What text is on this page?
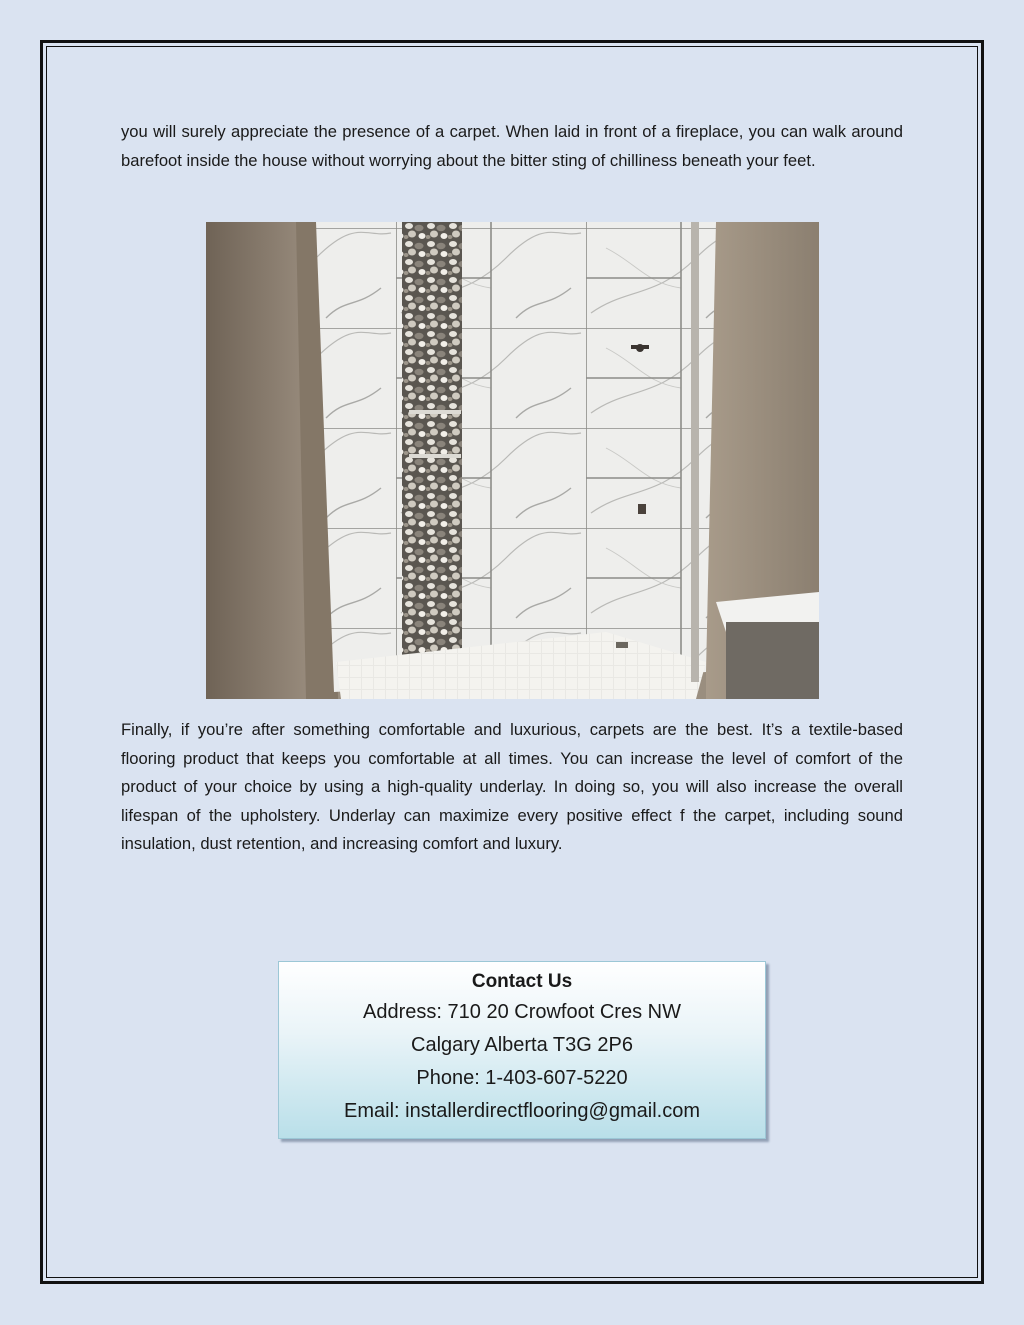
you will surely appreciate the presence of a carpet. When laid in front of a fireplace, you can walk around barefoot inside the house without worrying about the bitter sting of chilliness beneath your feet.

Finally, if you’re after something comfortable and luxurious, carpets are the best. It’s a textile-based flooring product that keeps you comfortable at all times. You can increase the level of comfort of the product of your choice by using a high-quality underlay. In doing so, you will also increase the overall lifespan of the upholstery. Underlay can maximize every positive effect f the carpet, including sound insulation, dust retention, and increasing comfort and luxury.

Contact Us

Address: 710 20 Crowfoot Cres NW

Calgary Alberta T3G 2P6

Phone: 1-403-607-5220

Email: installerdirectflooring@gmail.com
